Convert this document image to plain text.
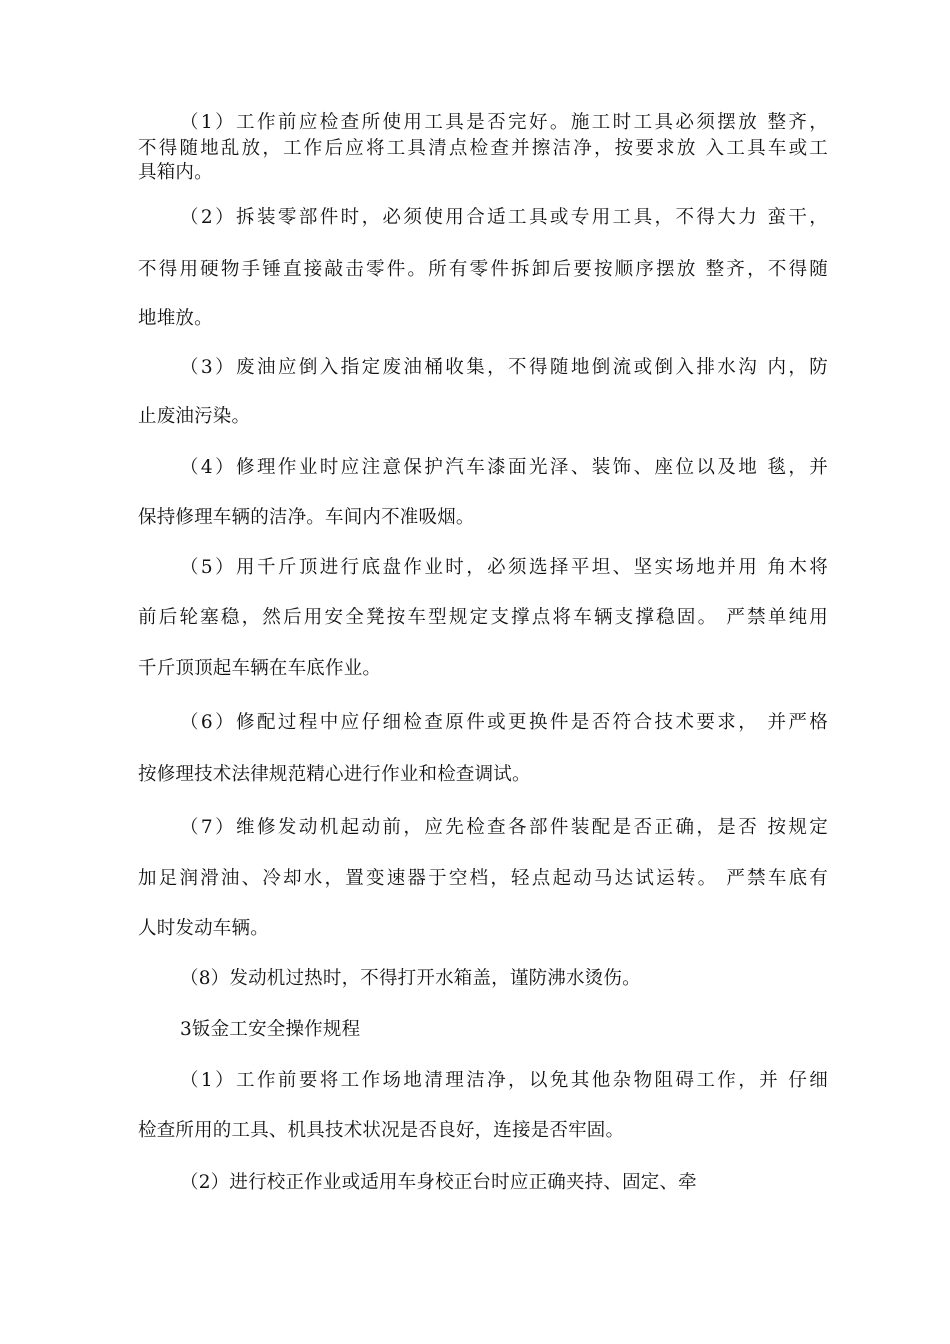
（1）工作前应检查所使用工具是否完好。施工时工具必须摆放 整齐，
不得随地乱放，工作后应将工具清点检查并擦洁净，按要求放 入工具车或工
具箱内。
（2）拆装零部件时，必须使用合适工具或专用工具，不得大力 蛮干，
不得用硬物手锤直接敲击零件。所有零件拆卸后要按顺序摆放 整齐，不得随
地堆放。
（3）废油应倒入指定废油桶收集，不得随地倒流或倒入排水沟 内，防
止废油污染。
（4）修理作业时应注意保护汽车漆面光泽、装饰、座位以及地 毯，并
保持修理车辆的洁净。车间内不准吸烟。
（5）用千斤顶进行底盘作业时，必须选择平坦、坚实场地并用 角木将
前后轮塞稳，然后用安全凳按车型规定支撑点将车辆支撑稳固。 严禁单纯用
千斤顶顶起车辆在车底作业。
（6）修配过程中应仔细检查原件或更换件是否符合技术要求， 并严格
按修理技术法律规范精心进行作业和检查调试。
（7）维修发动机起动前，应先检查各部件装配是否正确，是否 按规定
加足润滑油、冷却水，置变速器于空档，轻点起动马达试运转。 严禁车底有
人时发动车辆。
（8）发动机过热时，不得打开水箱盖，谨防沸水烫伤。
3钣金工安全操作规程
（1）工作前要将工作场地清理洁净，以免其他杂物阻碍工作，并 仔细
检查所用的工具、机具技术状况是否良好，连接是否牢固。
（2）进行校正作业或适用车身校正台时应正确夹持、固定、牵
